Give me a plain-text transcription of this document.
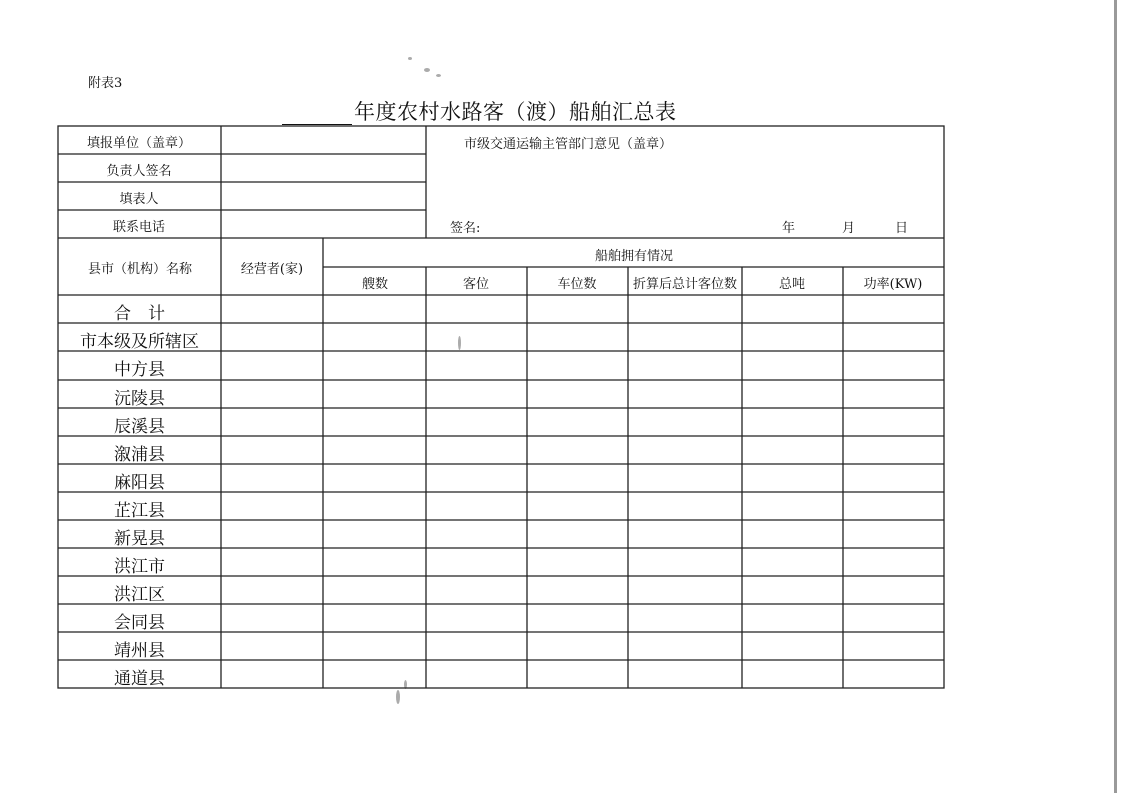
附表3
年度农村水路客（渡）船舶汇总表
填报单位（盖章）
负责人签名
填表人
联系电话
市级交通运输主管部门意见（盖章）
签名:	年	月	日
县市（机构）名称	经营者(家)
船舶拥有情况
艘数	客位	车位数	折算后总计客位数	总吨	功率(KW)
合　计
市本级及所辖区
中方县
沅陵县
辰溪县
溆浦县
麻阳县
芷江县
新晃县
洪江市
洪江区
会同县
靖州县
通道县
